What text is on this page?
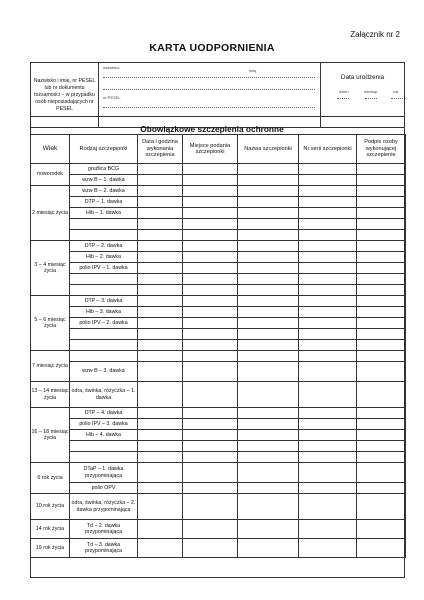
Załącznik nr 2
KARTA UODPORNIENIA
Nazwisko i imię, nr PESEL lub nr dokumentu tożsamości – w przypadku osób nieposiadających nr PESEL
nazwisko
imię
nr PESEL
Data urodzenia
dzień	miesiąc	rok
Obowiązkowe szczepienia ochronne
Wiek	Rodzaj szczepionki	Data i godzina wykonania szczepienia	Miejsce podania szczepionki	Nazwa szczepionki	Nr serii szczepionki	Podpis osoby wykonującej szczepienie
noworodek	gruźlica BCG					
	wzw B – 1. dawka					
2 miesiąc życia	wzw B – 2. dawka					
	DTP – 1. dawka					
	Hib – 1. dawka					

3 – 4 miesiąc życia	DTP – 2. dawka					
	Hib – 2. dawka					
	polio IPV – 1. dawka					

5 – 6 miesiąc życia	DTP – 3. dawka					
	Hib – 3. dawka					
	polio IPV – 2. dawka					

7 miesiąc życia						
	wzw B – 3. dawka					
13 – 14 miesiąc życia	odra, świnka, różyczka – 1. dawka					
16 – 18 miesiąc życia	DTP – 4. dawka					
	polio IPV – 3. dawka					
	Hib – 4. dawka					

6 rok życia	DTaP – 1. dawka przypominająca					
	polio OPV					
10 rok życia	odra, świnka, różyczka – 2. dawka przypominająca					
14 rok życia	Td – 2. dawka przypominająca					
19 rok życia	Td – 3. dawka przypominająca					
